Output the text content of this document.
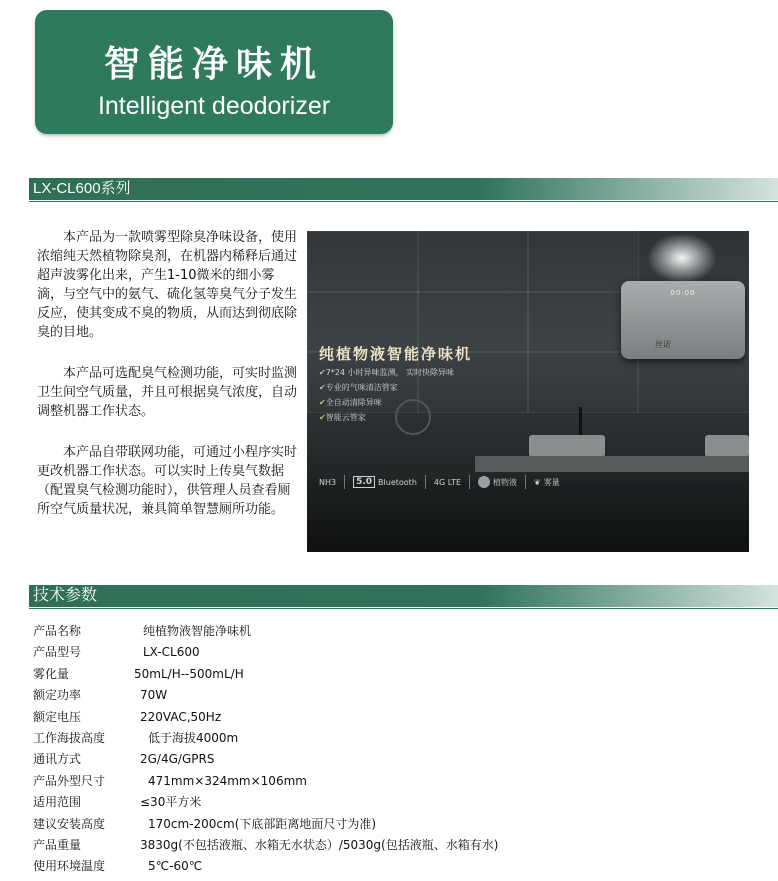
智能净味机
Intelligent deodorizer
LX-CL600系列

本产品为一款喷雾型除臭净味设备，使用浓缩纯天然植物除臭剂，在机器内稀释后通过超声波雾化出来，产生1-10微米的细小雾滴，与空气中的氨气、硫化氢等臭气分子发生反应，使其变成不臭的物质，从而达到彻底除臭的目地。

本产品可选配臭气检测功能，可实时监测卫生间空气质量，并且可根据臭气浓度，自动调整机器工作状态。

本产品自带联网功能，可通过小程序实时更改机器工作状态。可以实时上传臭气数据（配置臭气检测功能时），供管理人员查看厕所空气质量状况，兼具简单智慧厕所功能。

00:00
丝诺
纯植物液智能净味机
✔ 7*24 小时异味监测， 实时快除异味
✔ 专业的气味清洁管家
✔ 全自动清除异味
✔ 智能云管家
NH3	5.0 Bluetooth 4G LTE	植物液 ❦ 雾量
技术参数
产品名称	纯植物液智能净味机
产品型号	LX-CL600
雾化量	50mL/H--500mL/H
额定功率	70W
额定电压	220VAC,50Hz
工作海拔高度	低于海拔4000m
通讯方式	2G/4G/GPRS
产品外型尺寸	471mm×324mm×106mm
适用范围	≤30平方米
建议安装高度	170cm-200cm(下底部距离地面尺寸为准)
产品重量	3830g(不包括液瓶、水箱无水状态）/5030g(包括液瓶、水箱有水)
使用环境温度	5℃-60℃
